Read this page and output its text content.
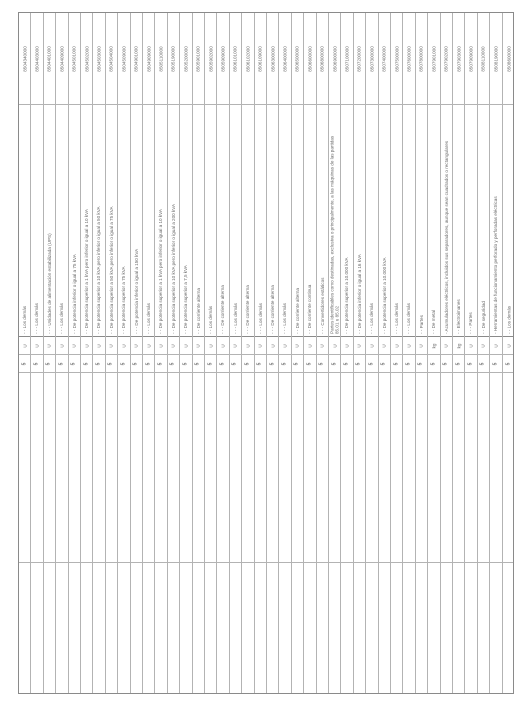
8504340000
- - Los demás
U
5
8504403000
- - - Los demás
U
5
8504401000
- - - Unidades de alimentación estabilizada (UPS)
U
5
8504409000
- - - Los demás
U
5
8504501000
- - De potencia inferior o igual a 75 kVA
U
5
8504502000
- - De potencia superior a 1 kVA pero inferior o igual a 10 kVA
U
5
8504503000
- - De potencia superior a 10 kVA pero inferior o igual a 50 kVA
U
5
8504504000
- - De potencia superior a 50 kVA pero inferior o igual a 75 kVA
U
5
8504509000
- - De potencia superior a 75 kVA
U
5
8504901000
- - - De potencia inferior o igual a 150 kVA
U
5
8504909000
- - - Los demás
U
5
8505110000
- - De potencia superior a 1 kVA pero inferior o igual a 10 kVA
U
5
8505190000
- - De potencia superior a 10 kVA pero inferior o igual a 200 kVA
U
5
8505200000
- - De potencia superior a 7,5 kVA
U
5
8505901000
- - De corriente alterna
U
5
8505902000
- - Los demás
U
5
8505909000
- - - De corriente alterna
U
5
8506101000
- - - Los demás
U
5
8506102000
- - - De corriente alterna
U
5
8506109000
- - - Los demás
U
5
8506300000
- - - De corriente alterna
U
5
8506400000
- - - Los demás
U
5
8506500000
- - De corriente alterna
U
5
8506600000
- - De corriente continua
U
5
8506800000
- - - Convertidores estáticos
U
5
8506900000
Partes identificables como destinadas, exclusiva o principalmente, a las máquinas de las partidas 85.01 u 85.02
U
5
8507100000
- - De potencia superior a 10.000 kVA
U
5
8507200000
- - De potencia inferior o igual a 16 kVA
U
5
8507300000
- - - Los demás
U
5
8507400000
- - De potencia superior a 10.000 kVA
U
5
8507500000
- - - Los demás
U
5
8507600000
- - - Los demás
U
5
8507800000
- - Partes
U
5
8507901000
- - De metal
kg
5
8507902000
- Acumuladores eléctricos, incluidos sus separadores, aunque sean cuadrados o rectangulares
U
5
8507903000
- - Electroimanes
kg
5
8507909000
- - - Partes
U
5
8508110000
- - De seguridad
U
5
8508190000
- Herramientas de funcionamiento perforado y perforadas eléctricas
U
5
8508600000
- - Los demás
U
5
